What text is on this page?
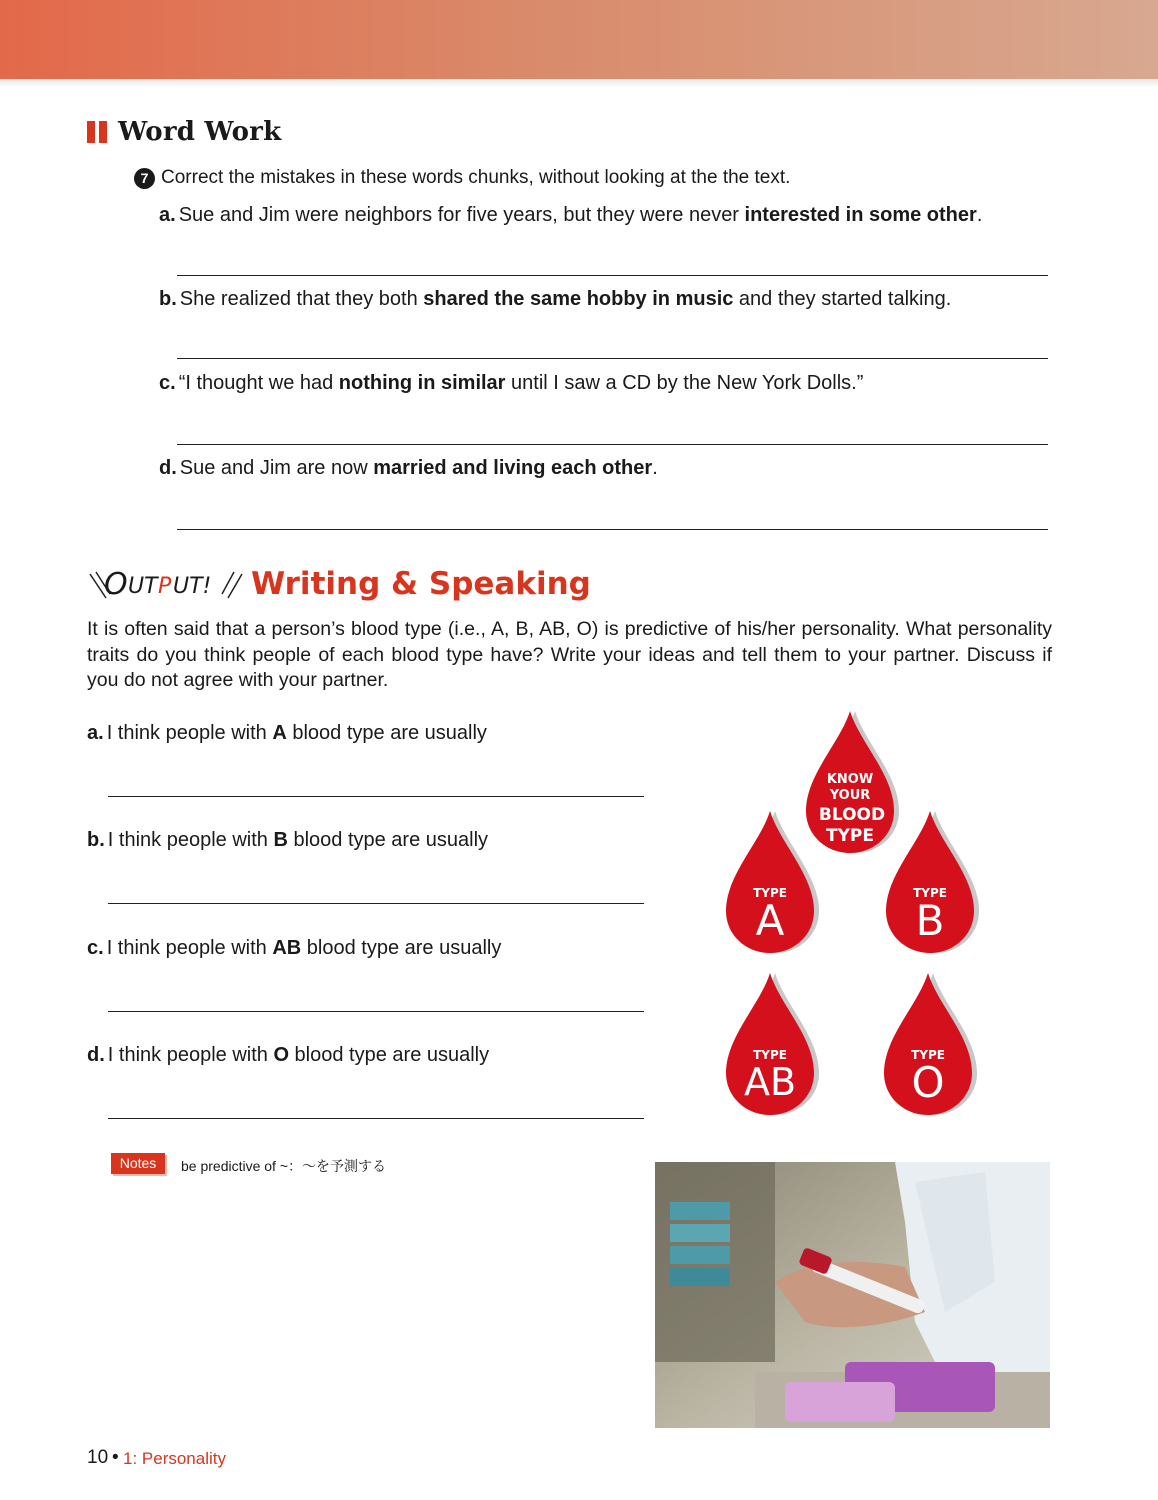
Word Work
7 Correct the mistakes in these words chunks, without looking at the the text.
a. Sue and Jim were neighbors for five years, but they were never interested in some other.
b. She realized that they both shared the same hobby in music and they started talking.
c. “I thought we had nothing in similar until I saw a CD by the New York Dolls.”
d. Sue and Jim are now married and living each other.
O UT P UT! Writing & Speaking
It is often said that a person’s blood type (i.e., A, B, AB, O) is predictive of his/her personality. What personality traits do you think people of each blood type have? Write your ideas and tell them to your partner. Discuss if you do not agree with your partner.
a. I think people with A blood type are usually
b. I think people with B blood type are usually
c. I think people with AB blood type are usually
d. I think people with O blood type are usually
KNOW
YOUR
BLOOD
TYPE
TYPE
A
TYPE
B
TYPE
AB
TYPE
O
Notes	be predictive of ~：〜を予測する
10 • 1: Personality
